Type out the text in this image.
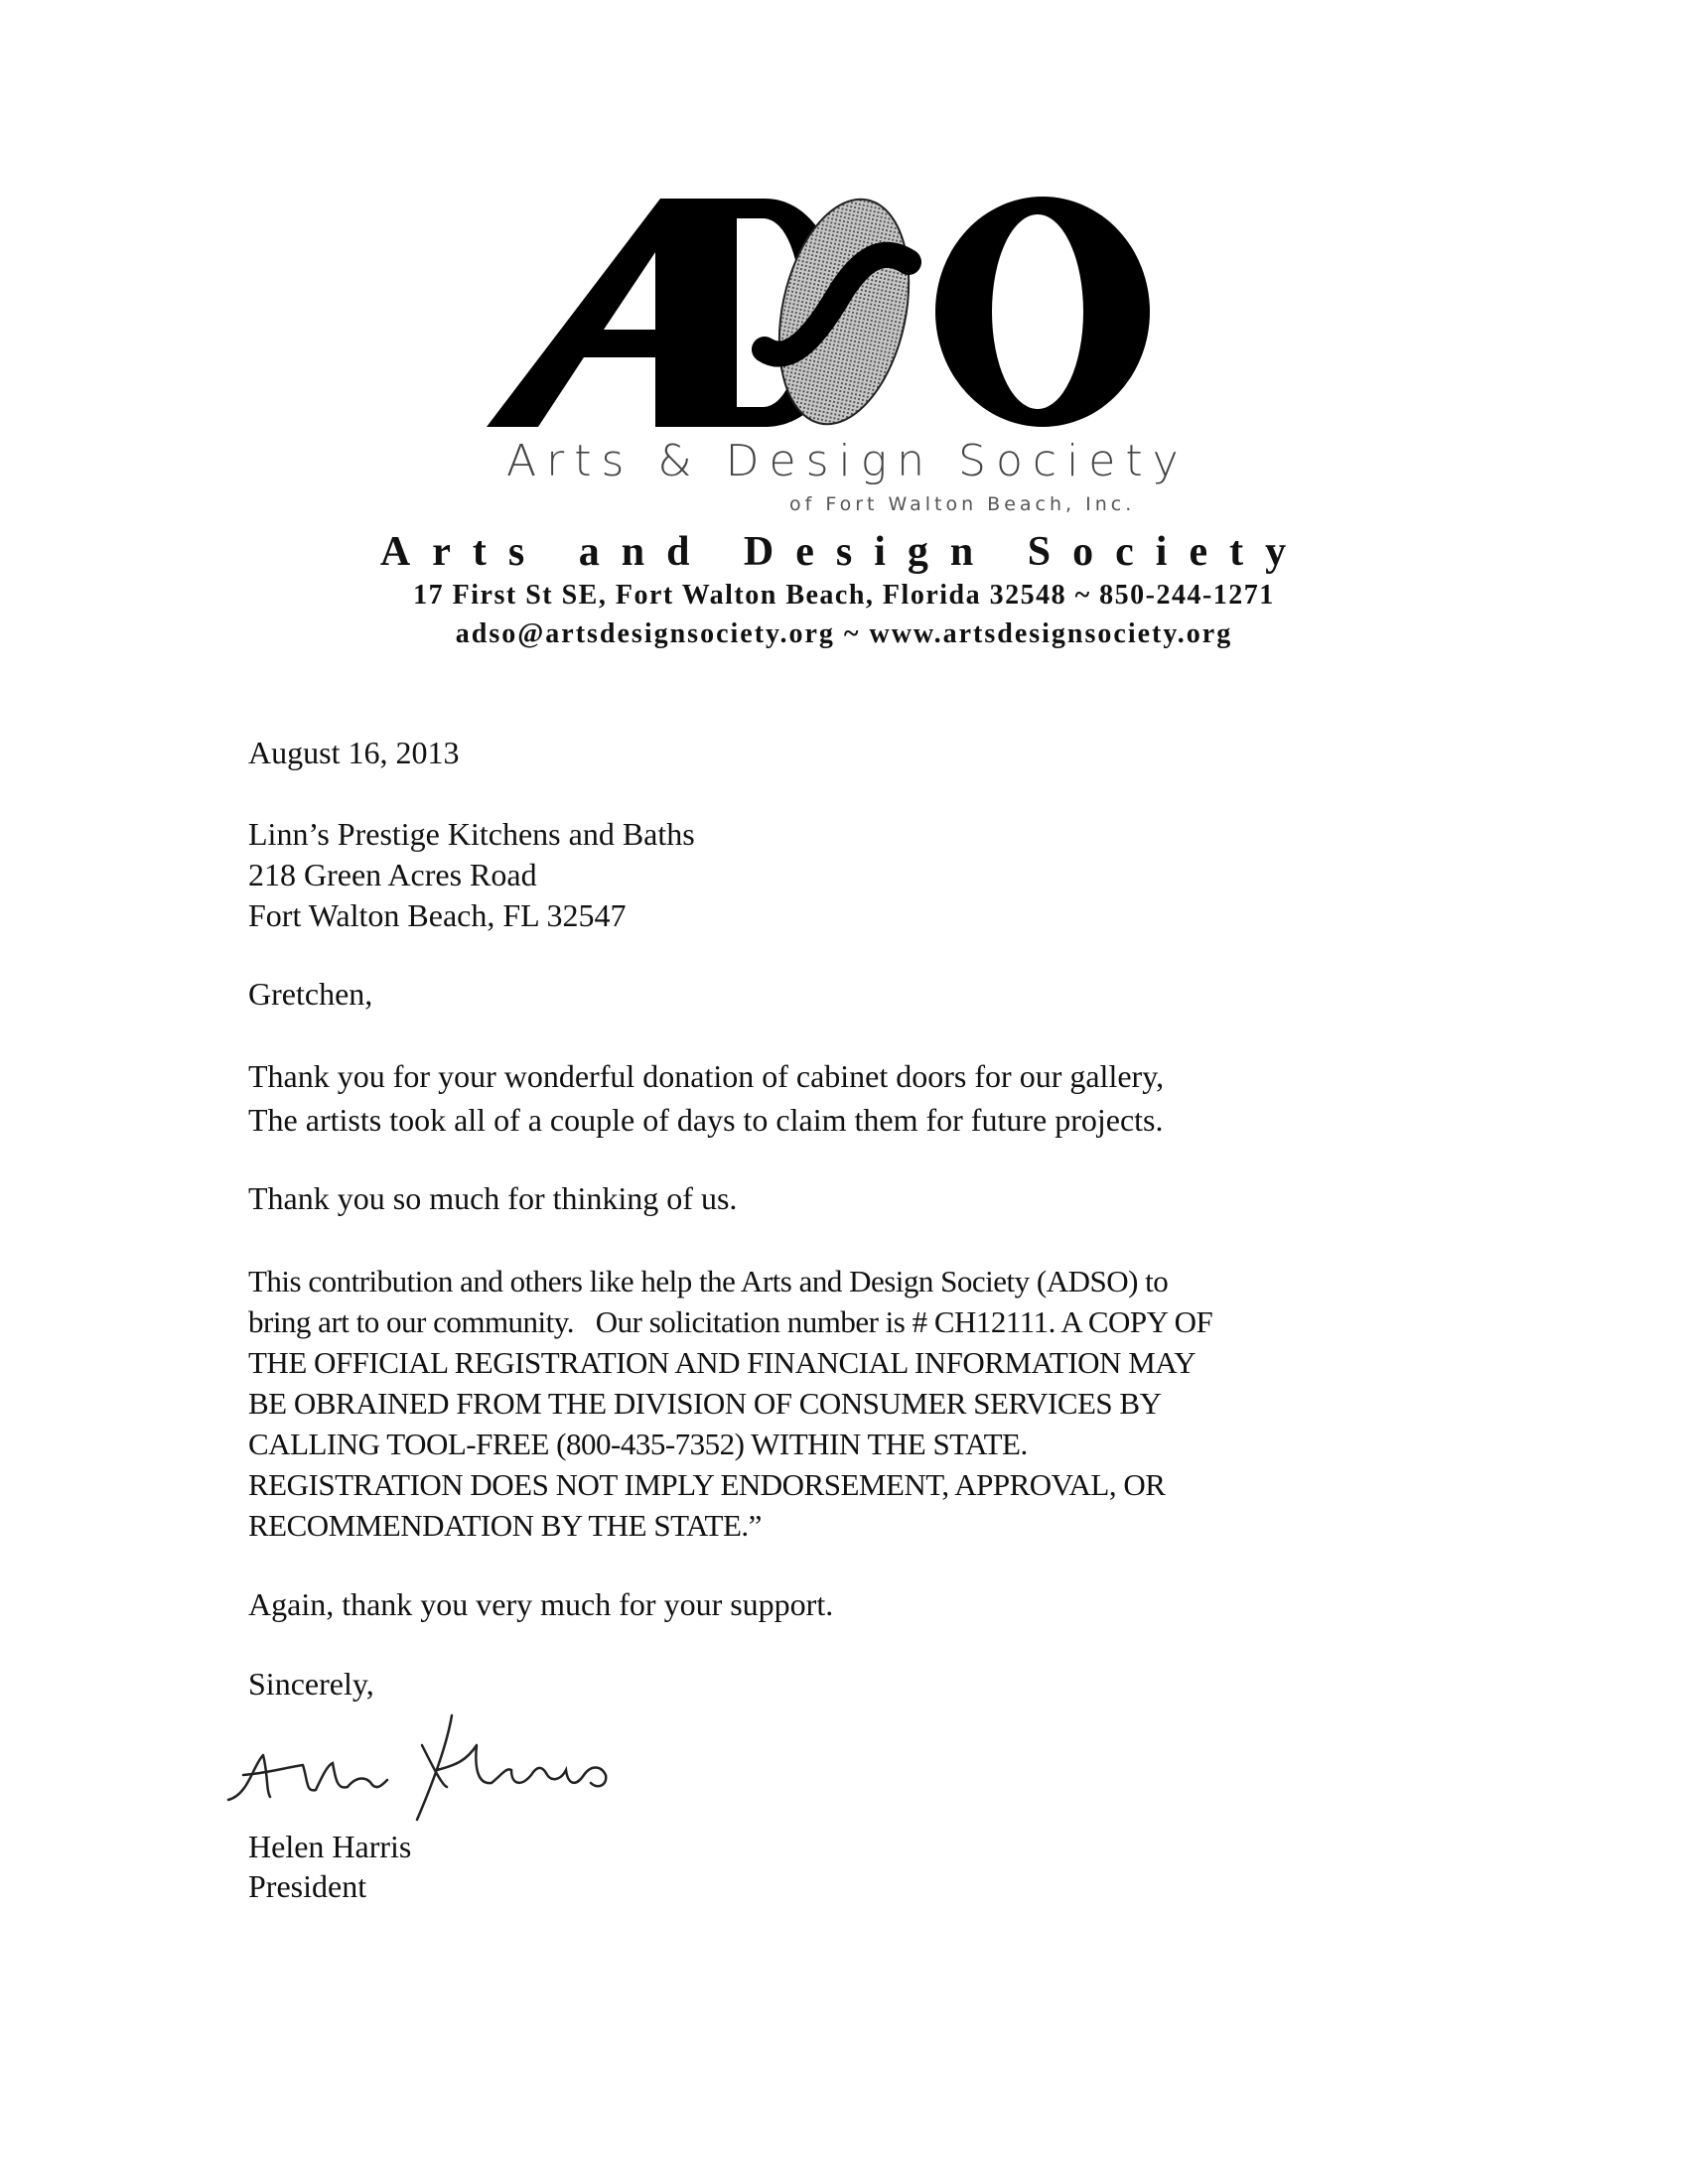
Arts & Design Society
of Fort Walton Beach, Inc.
Arts and Design Society
17 First St SE, Fort Walton Beach, Florida 32548 ~ 850-244-1271
adso@artsdesignsociety.org ~ www.artsdesignsociety.org
August 16, 2013
Linn’s Prestige Kitchens and Baths
218 Green Acres Road
Fort Walton Beach, FL 32547
Gretchen,
Thank you for your wonderful donation of cabinet doors for our gallery,
The artists took all of a couple of days to claim them for future projects.
Thank you so much for thinking of us.
This contribution and others like help the Arts and Design Society (ADSO) to
bring art to our community.   Our solicitation number is # CH12111. A COPY OF
THE OFFICIAL REGISTRATION AND FINANCIAL INFORMATION MAY
BE OBRAINED FROM THE DIVISION OF CONSUMER SERVICES BY
CALLING TOOL-FREE (800-435-7352) WITHIN THE STATE.
REGISTRATION DOES NOT IMPLY ENDORSEMENT, APPROVAL, OR
RECOMMENDATION BY THE STATE.”
Again, thank you very much for your support.
Sincerely,
Helen Harris
President
